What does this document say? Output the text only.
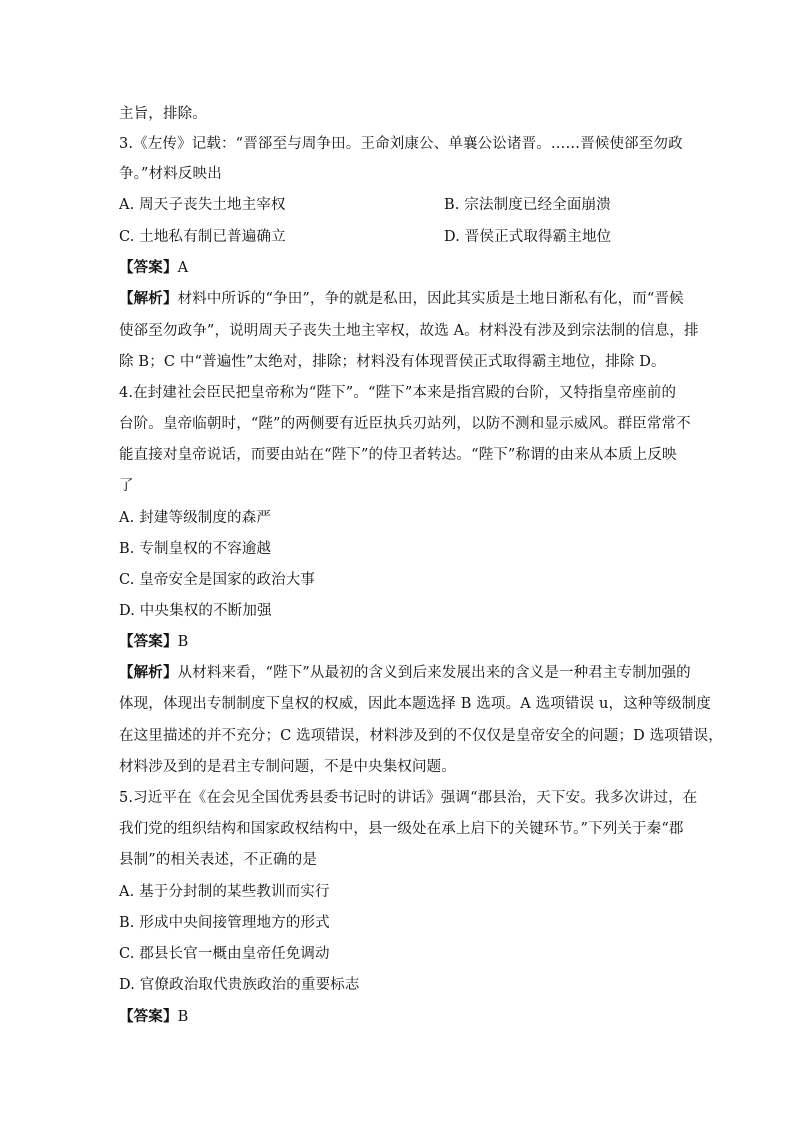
主旨，排除。
3.《左传》记载：“晋郤至与周争田。王命刘康公、单襄公讼诸晋。……晋候使郤至勿政
争。”材料反映出
A. 周天子丧失土地主宰权	B. 宗法制度已经全面崩溃
C. 土地私有制已普遍确立	D. 晋侯正式取得霸主地位
【答案】A
【解析】材料中所诉的“争田”，争的就是私田，因此其实质是土地日渐私有化，而“晋候
使郤至勿政争”，说明周天子丧失土地主宰权，故选 A。材料没有涉及到宗法制的信息，排
除 B；C 中“普遍性”太绝对，排除；材料没有体现晋侯正式取得霸主地位，排除 D。
4.在封建社会臣民把皇帝称为“陛下”。“陛下”本来是指宫殿的台阶，又特指皇帝座前的
台阶。皇帝临朝时，“陛”的两侧要有近臣执兵刃站列，以防不测和显示威风。群臣常常不
能直接对皇帝说话，而要由站在“陛下”的侍卫者转达。“陛下”称谓的由来从本质上反映
了
A. 封建等级制度的森严
B. 专制皇权的不容逾越
C. 皇帝安全是国家的政治大事
D. 中央集权的不断加强
【答案】B
【解析】从材料来看，“陛下”从最初的含义到后来发展出来的含义是一种君主专制加强的
体现，体现出专制制度下皇权的权威，因此本题选择 B 选项。A 选项错误 u，这种等级制度
在这里描述的并不充分；C 选项错误，材料涉及到的不仅仅是皇帝安全的问题；D 选项错误，
材料涉及到的是君主专制问题，不是中央集权问题。
5.习近平在《在会见全国优秀县委书记时的讲话》强调“郡县治，天下安。我多次讲过，在
我们党的组织结构和国家政权结构中，县一级处在承上启下的关键环节。”下列关于秦“郡
县制”的相关表述，不正确的是
A. 基于分封制的某些教训而实行
B. 形成中央间接管理地方的形式
C. 郡县长官一概由皇帝任免调动
D. 官僚政治取代贵族政治的重要标志
【答案】B
